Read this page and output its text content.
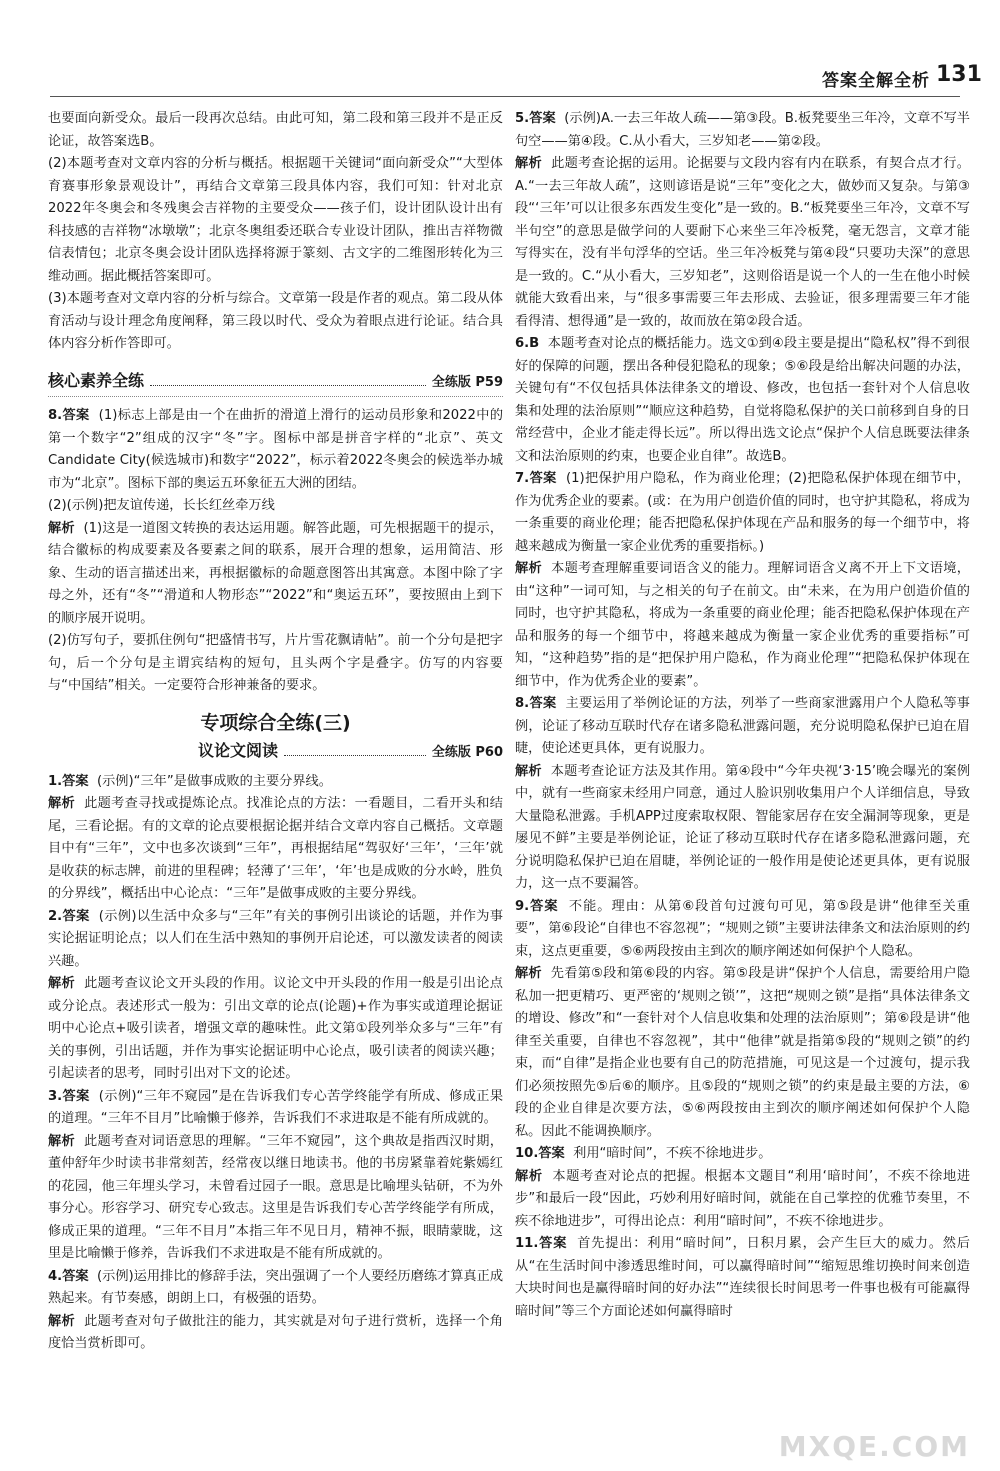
答案全解全析 131

也要面向新受众。最后一段再次总结。由此可知，第二段和第三段并不是正反论证，故答案选B。

(2)本题考查对文章内容的分析与概括。根据题干关键词“面向新受众”“大型体育赛事形象景观设计”，再结合文章第三段具体内容，我们可知：针对北京2022年冬奥会和冬残奥会吉祥物的主要受众——孩子们，设计团队设计出有科技感的吉祥物“冰墩墩”；北京冬奥组委还联合专业设计团队，推出吉祥物微信表情包；北京冬奥会设计团队选择将源于篆刻、古文字的二维图形转化为三维动画。据此概括答案即可。

(3)本题考查对文章内容的分析与综合。文章第一段是作者的观点。第二段从体育活动与设计理念角度阐释，第三段以时代、受众为着眼点进行论证。结合具体内容分析作答即可。

核心素养全练	全练版 P59

8.答案 (1)标志上部是由一个在曲折的滑道上滑行的运动员形象和2022中的第一个数字“2”组成的汉字“冬”字。图标中部是拼音字样的“北京”、英文 Candidate City(候选城市)和数字“2022”，标示着2022冬奥会的候选举办城市为“北京”。图标下部的奥运五环象征五大洲的团结。

(2)(示例)把友谊传递，长长红丝牵万线

解析 (1)这是一道图文转换的表达运用题。解答此题，可先根据题干的提示，结合徽标的构成要素及各要素之间的联系，展开合理的想象，运用简洁、形象、生动的语言描述出来，再根据徽标的命题意图答出其寓意。本图中除了字母之外，还有“冬”“滑道和人物形态”“2022”和“奥运五环”，要按照由上到下的顺序展开说明。

(2)仿写句子，要抓住例句“把盛情书写，片片雪花飘请帖”。前一个分句是把字句，后一个分句是主谓宾结构的短句，且头两个字是叠字。仿写的内容要与“中国结”相关。一定要符合形神兼备的要求。

专项综合全练(三)
议论文阅读	全练版 P60

1.答案 (示例)“三年”是做事成败的主要分界线。

解析 此题考查寻找或提炼论点。找准论点的方法：一看题目，二看开头和结尾，三看论据。有的文章的论点要根据论据并结合文章内容自己概括。文章题目中有“三年”，文中也多次谈到“三年”，再根据结尾“驾驭好‘三年’，‘三年’就是收获的标志牌，前进的里程碑；轻薄了‘三年’，‘年’也是成败的分水岭，胜负的分界线”，概括出中心论点：“三年”是做事成败的主要分界线。

2.答案 (示例)以生活中众多与“三年”有关的事例引出谈论的话题，并作为事实论据证明论点；以人们在生活中熟知的事例开启论述，可以激发读者的阅读兴趣。

解析 此题考查议论文开头段的作用。议论文中开头段的作用一般是引出论点或分论点。表述形式一般为：引出文章的论点(论题)+作为事实或道理论据证明中心论点+吸引读者，增强文章的趣味性。此文第①段列举众多与“三年”有关的事例，引出话题，并作为事实论据证明中心论点，吸引读者的阅读兴趣；引起读者的思考，同时引出对下文的论述。

3.答案 (示例)“三年不窥园”是在告诉我们专心苦学终能学有所成、修成正果的道理。“三年不目月”比喻懒于修养，告诉我们不求进取是不能有所成就的。

解析 此题考查对词语意思的理解。“三年不窥园”，这个典故是指西汉时期，董仲舒年少时读书非常刻苦，经常夜以继日地读书。他的书房紧靠着姹紫嫣红的花园，他三年埋头学习，未曾看过园子一眼。意思是比喻埋头钻研，不为外事分心。形容学习、研究专心致志。这里是告诉我们专心苦学终能学有所成，修成正果的道理。“三年不目月”本指三年不见日月，精神不振，眼睛蒙眬，这里是比喻懒于修养，告诉我们不求进取是不能有所成就的。

4.答案 (示例)运用排比的修辞手法，突出强调了一个人要经历磨练才算真正成熟起来。有节奏感，朗朗上口，有极强的语势。

解析 此题考查对句子做批注的能力，其实就是对句子进行赏析，选择一个角度恰当赏析即可。

5.答案 (示例)A.一去三年故人疏——第③段。B.板凳要坐三年冷，文章不写半句空——第④段。C.从小看大，三岁知老——第②段。

解析 此题考查论据的运用。论据要与文段内容有内在联系，有契合点才行。A.“一去三年故人疏”，这则谚语是说“三年”变化之大，做妙而又复杂。与第③段“‘三年’可以让很多东西发生变化”是一致的。B.“板凳要坐三年冷，文章不写半句空”的意思是做学问的人要耐下心来坐三年冷板凳，毫无怨言，文章才能写得实在，没有半句浮华的空话。坐三年冷板凳与第④段“只要功夫深”的意思是一致的。C.“从小看大，三岁知老”，这则俗语是说一个人的一生在他小时候就能大致看出来，与“很多事需要三年去形成、去验证，很多理需要三年才能看得清、想得通”是一致的，故而放在第②段合适。

6.B 本题考查对论点的概括能力。选文①到④段主要是提出“隐私权”得不到很好的保障的问题，摆出各种侵犯隐私的现象；⑤⑥段是给出解决问题的办法，关键句有“不仅包括具体法律条文的增设、修改，也包括一套针对个人信息收集和处理的法治原则”“顺应这种趋势，自觉将隐私保护的关口前移到自身的日常经营中，企业才能走得长远”。所以得出选文论点“保护个人信息既要法律条文和法治原则的约束，也要企业自律”。故选B。

7.答案 (1)把保护用户隐私，作为商业伦理；(2)把隐私保护体现在细节中，作为优秀企业的要素。(或：在为用户创造价值的同时，也守护其隐私，将成为一条重要的商业伦理；能否把隐私保护体现在产品和服务的每一个细节中，将越来越成为衡量一家企业优秀的重要指标。)

解析 本题考查理解重要词语含义的能力。理解词语含义离不开上下文语境，由“这种”一词可知，与之相关的句子在前文。由“未来，在为用户创造价值的同时，也守护其隐私，将成为一条重要的商业伦理；能否把隐私保护体现在产品和服务的每一个细节中，将越来越成为衡量一家企业优秀的重要指标”可知，“这种趋势”指的是“把保护用户隐私，作为商业伦理”“把隐私保护体现在细节中，作为优秀企业的要素”。

8.答案 主要运用了举例论证的方法，列举了一些商家泄露用户个人隐私等事例，论证了移动互联时代存在诸多隐私泄露问题，充分说明隐私保护已迫在眉睫，使论述更具体，更有说服力。

解析 本题考查论证方法及其作用。第④段中“今年央视‘3·15’晚会曝光的案例中，就有一些商家未经用户同意，通过人脸识别收集用户个人详细信息，导致大量隐私泄露。手机APP过度索取权限、智能家居存在安全漏洞等现象，更是屡见不鲜”主要是举例论证，论证了移动互联时代存在诸多隐私泄露问题，充分说明隐私保护已迫在眉睫，举例论证的一般作用是使论述更具体，更有说服力，这一点不要漏答。

9.答案 不能。理由：从第⑥段首句过渡句可见，第⑤段是讲“他律至关重要”，第⑥段论“自律也不容忽视”；“规则之锁”主要讲法律条文和法治原则的约束，这点更重要，⑤⑥两段按由主到次的顺序阐述如何保护个人隐私。

解析 先看第⑤段和第⑥段的内容。第⑤段是讲“保护个人信息，需要给用户隐私加一把更精巧、更严密的‘规则之锁’”，这把“规则之锁”是指“具体法律条文的增设、修改”和“一套针对个人信息收集和处理的法治原则”；第⑥段是讲“他律至关重要，自律也不容忽视”，其中“他律”就是指第⑤段的“规则之锁”的约束，而“自律”是指企业也要有自己的防范措施，可见这是一个过渡句，提示我们必须按照先⑤后⑥的顺序。且⑤段的“规则之锁”的约束是最主要的方法，⑥段的企业自律是次要方法，⑤⑥两段按由主到次的顺序阐述如何保护个人隐私。因此不能调换顺序。

10.答案 利用“暗时间”，不疾不徐地进步。

解析 本题考查对论点的把握。根据本文题目“利用‘暗时间’，不疾不徐地进步”和最后一段“因此，巧妙利用好暗时间，就能在自己掌控的优雅节奏里，不疾不徐地进步”，可得出论点：利用“暗时间”，不疾不徐地进步。

11.答案 首先提出：利用“暗时间”，日积月累，会产生巨大的威力。然后从“在生活时间中渗透思维时间，可以赢得暗时间”“缩短思维切换时间来创造大块时间也是赢得暗时间的好办法”“连续很长时间思考一件事也极有可能赢得暗时间”等三个方面论述如何赢得暗时

MXQE.COM
